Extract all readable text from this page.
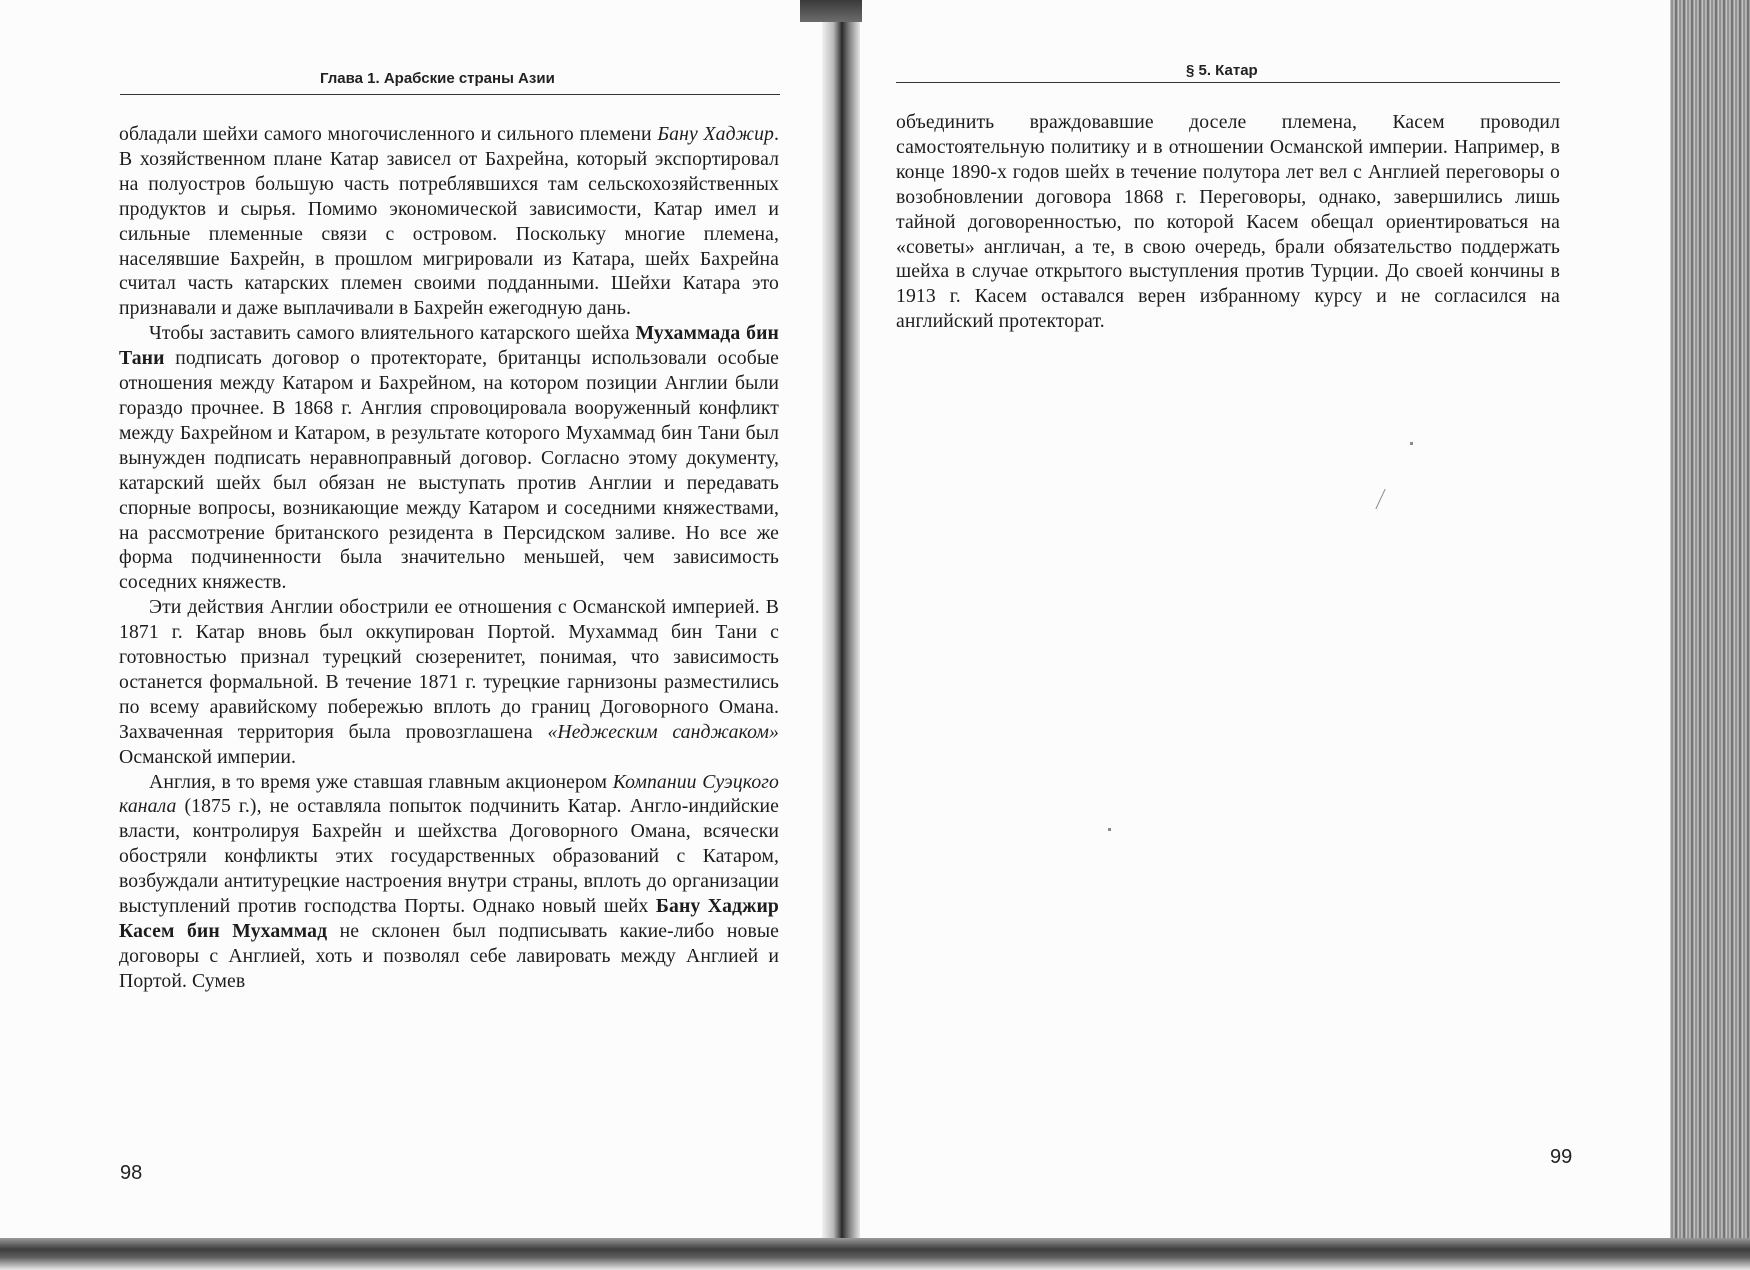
Глава 1. Арабские страны Азии	§ 5. Катар

обладали шейхи самого многочисленного и сильного племени Бану Хаджир. В хозяйственном плане Катар зависел от Бахрейна, который экспортировал на полуостров большую часть потреблявшихся там сельскохозяйственных продуктов и сырья. Помимо экономической зависимости, Катар имел и сильные племенные связи с островом. Поскольку многие племена, населявшие Бахрейн, в прошлом мигрировали из Катара, шейх Бахрейна считал часть катарских племен своими подданными. Шейхи Катара это признавали и даже выплачивали в Бахрейн ежегодную дань.

Чтобы заставить самого влиятельного катарского шейха Мухаммада бин Тани подписать договор о протекторате, британцы использовали особые отношения между Катаром и Бахрейном, на котором позиции Англии были гораздо прочнее. В 1868 г. Англия спровоцировала вооруженный конфликт между Бахрейном и Катаром, в результате которого Мухаммад бин Тани был вынужден подписать неравноправный договор. Согласно этому документу, катарский шейх был обязан не выступать против Англии и передавать спорные вопросы, возникающие между Катаром и соседними княжествами, на рассмотрение британского резидента в Персидском заливе. Но все же форма подчиненности была значительно меньшей, чем зависимость соседних княжеств.

Эти действия Англии обострили ее отношения с Османской империей. В 1871 г. Катар вновь был оккупирован Портой. Мухаммад бин Тани с готовностью признал турецкий сюзеренитет, понимая, что зависимость останется формальной. В течение 1871 г. турецкие гарнизоны разместились по всему аравийскому побережью вплоть до границ Договорного Омана. Захваченная территория была провозглашена «Неджеским санджаком» Османской империи.

Англия, в то время уже ставшая главным акционером Компании Суэцкого канала (1875 г.), не оставляла попыток подчинить Катар. Англо-индийские власти, контролируя Бахрейн и шейхства Договорного Омана, всячески обостряли конфликты этих государственных образований с Катаром, возбуждали антитурецкие настроения внутри страны, вплоть до организации выступлений против господства Порты. Однако новый шейх Бану Хаджир Касем бин Мухаммад не склонен был подписывать какие-либо новые договоры с Англией, хоть и позволял себе лавировать между Англией и Портой. Сумев

объединить враждовавшие доселе племена, Касем проводил самостоятельную политику и в отношении Османской империи. Например, в конце 1890-х годов шейх в течение полутора лет вел с Англией переговоры о возобновлении договора 1868 г. Переговоры, однако, завершились лишь тайной договоренностью, по которой Касем обещал ориентироваться на «советы» англичан, а те, в свою очередь, брали обязательство поддержать шейха в случае открытого выступления против Турции. До своей кончины в 1913 г. Касем оставался верен избранному курсу и не согласился на английский протекторат.

98
99
